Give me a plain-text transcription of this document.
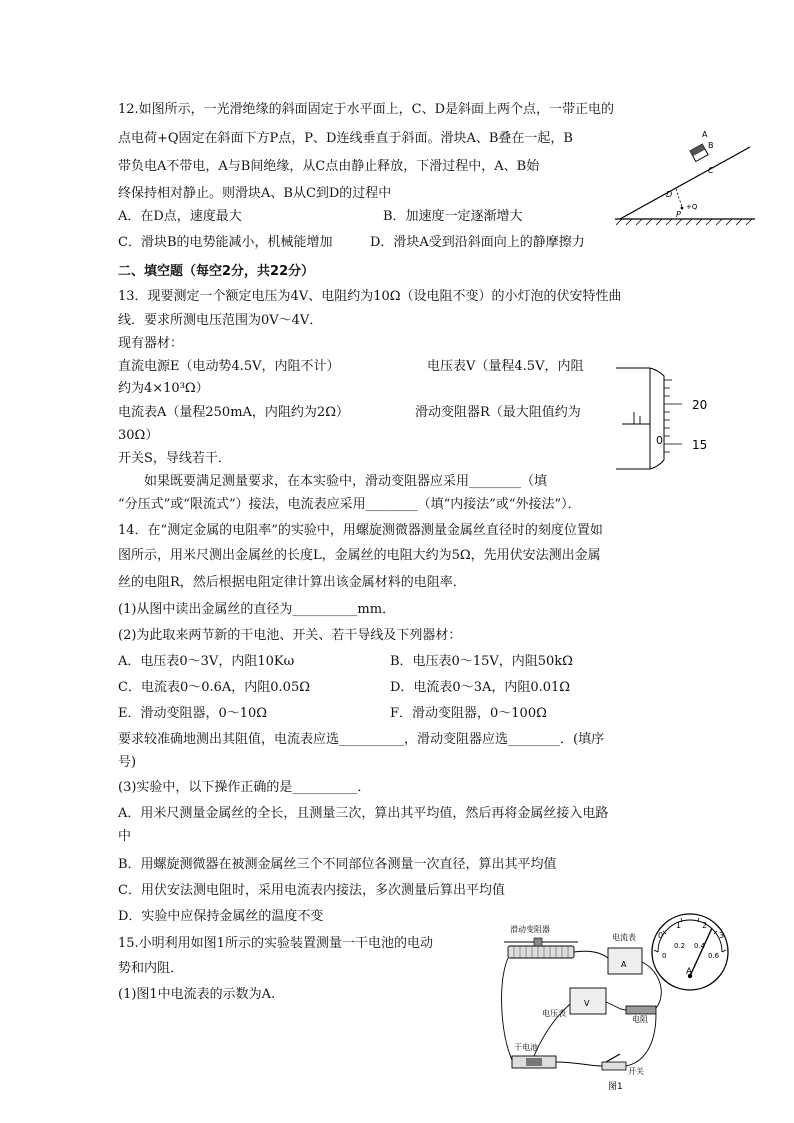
12.如图所示，一光滑绝缘的斜面固定于水平面上，C、D是斜面上两个点，一带正电的
点电荷+Q固定在斜面下方P点，P、D连线垂直于斜面。滑块A、B叠在一起，B
带负电A不带电，A与B间绝缘，从C点由静止释放，下滑过程中，A、B始
终保持相对静止。则滑块A、B从C到D的过程中
A．在D点，速度最大	B．加速度一定逐渐增大
C．滑块B的电势能减小，机械能增加	D．滑块A受到沿斜面向上的静摩擦力
A
B
C
D
P
+Q
二、填空题（每空2分，共22分）
13．现要测定一个额定电压为4V、电阻约为10Ω（设电阻不变）的小灯泡的伏安特性曲
线．要求所测电压范围为0V～4V．
现有器材：
直流电源E（电动势4.5V，内阻不计）	电压表V（量程4.5V，内阻
约为4×10³Ω）
电流表A（量程250mA，内阻约为2Ω）	滑动变阻器R（最大阻值约为
30Ω）
开关S，导线若干．
如果既要满足测量要求，在本实验中，滑动变阻器应采用________（填
“分压式”或“限流式”）接法，电流表应采用________（填“内接法”或“外接法”）．
20
15
0
14．在“测定金属的电阻率”的实验中，用螺旋测微器测量金属丝直径时的刻度位置如
图所示，用米尺测出金属丝的长度L，金属丝的电阻大约为5Ω，先用伏安法测出金属
丝的电阻R，然后根据电阻定律计算出该金属材料的电阻率．
(1)从图中读出金属丝的直径为__________mm．
(2)为此取来两节新的干电池、开关、若干导线及下列器材：
A．电压表0～3V，内阻10Kω	B．电压表0～15V，内阻50kΩ
C．电流表0～0.6A，内阻0.05Ω	D．电流表0～3A，内阻0.01Ω
E．滑动变阻器，0～10Ω	F．滑动变阻器，0～100Ω
要求较准确地测出其阻值，电流表应选__________，滑动变阻器应选________．(填序
号)
(3)实验中，以下操作正确的是__________．
A．用米尺测量金属丝的全长，且测量三次，算出其平均值，然后再将金属丝接入电路
中
B．用螺旋测微器在被测金属丝三个不同部位各测量一次直径，算出其平均值
C．用伏安法测电阻时，采用电流表内接法，多次测量后算出平均值
D．实验中应保持金属丝的温度不变
15.小明利用如图1所示的实验装置测量一干电池的电动
势和内阻．
(1)图1中电流表的示数为A.
0
1	2
3
0
0.2 0.4
0.6
A
滑动变阻器
电流表
A
电压表
V
电阻
干电池
开关
图1
